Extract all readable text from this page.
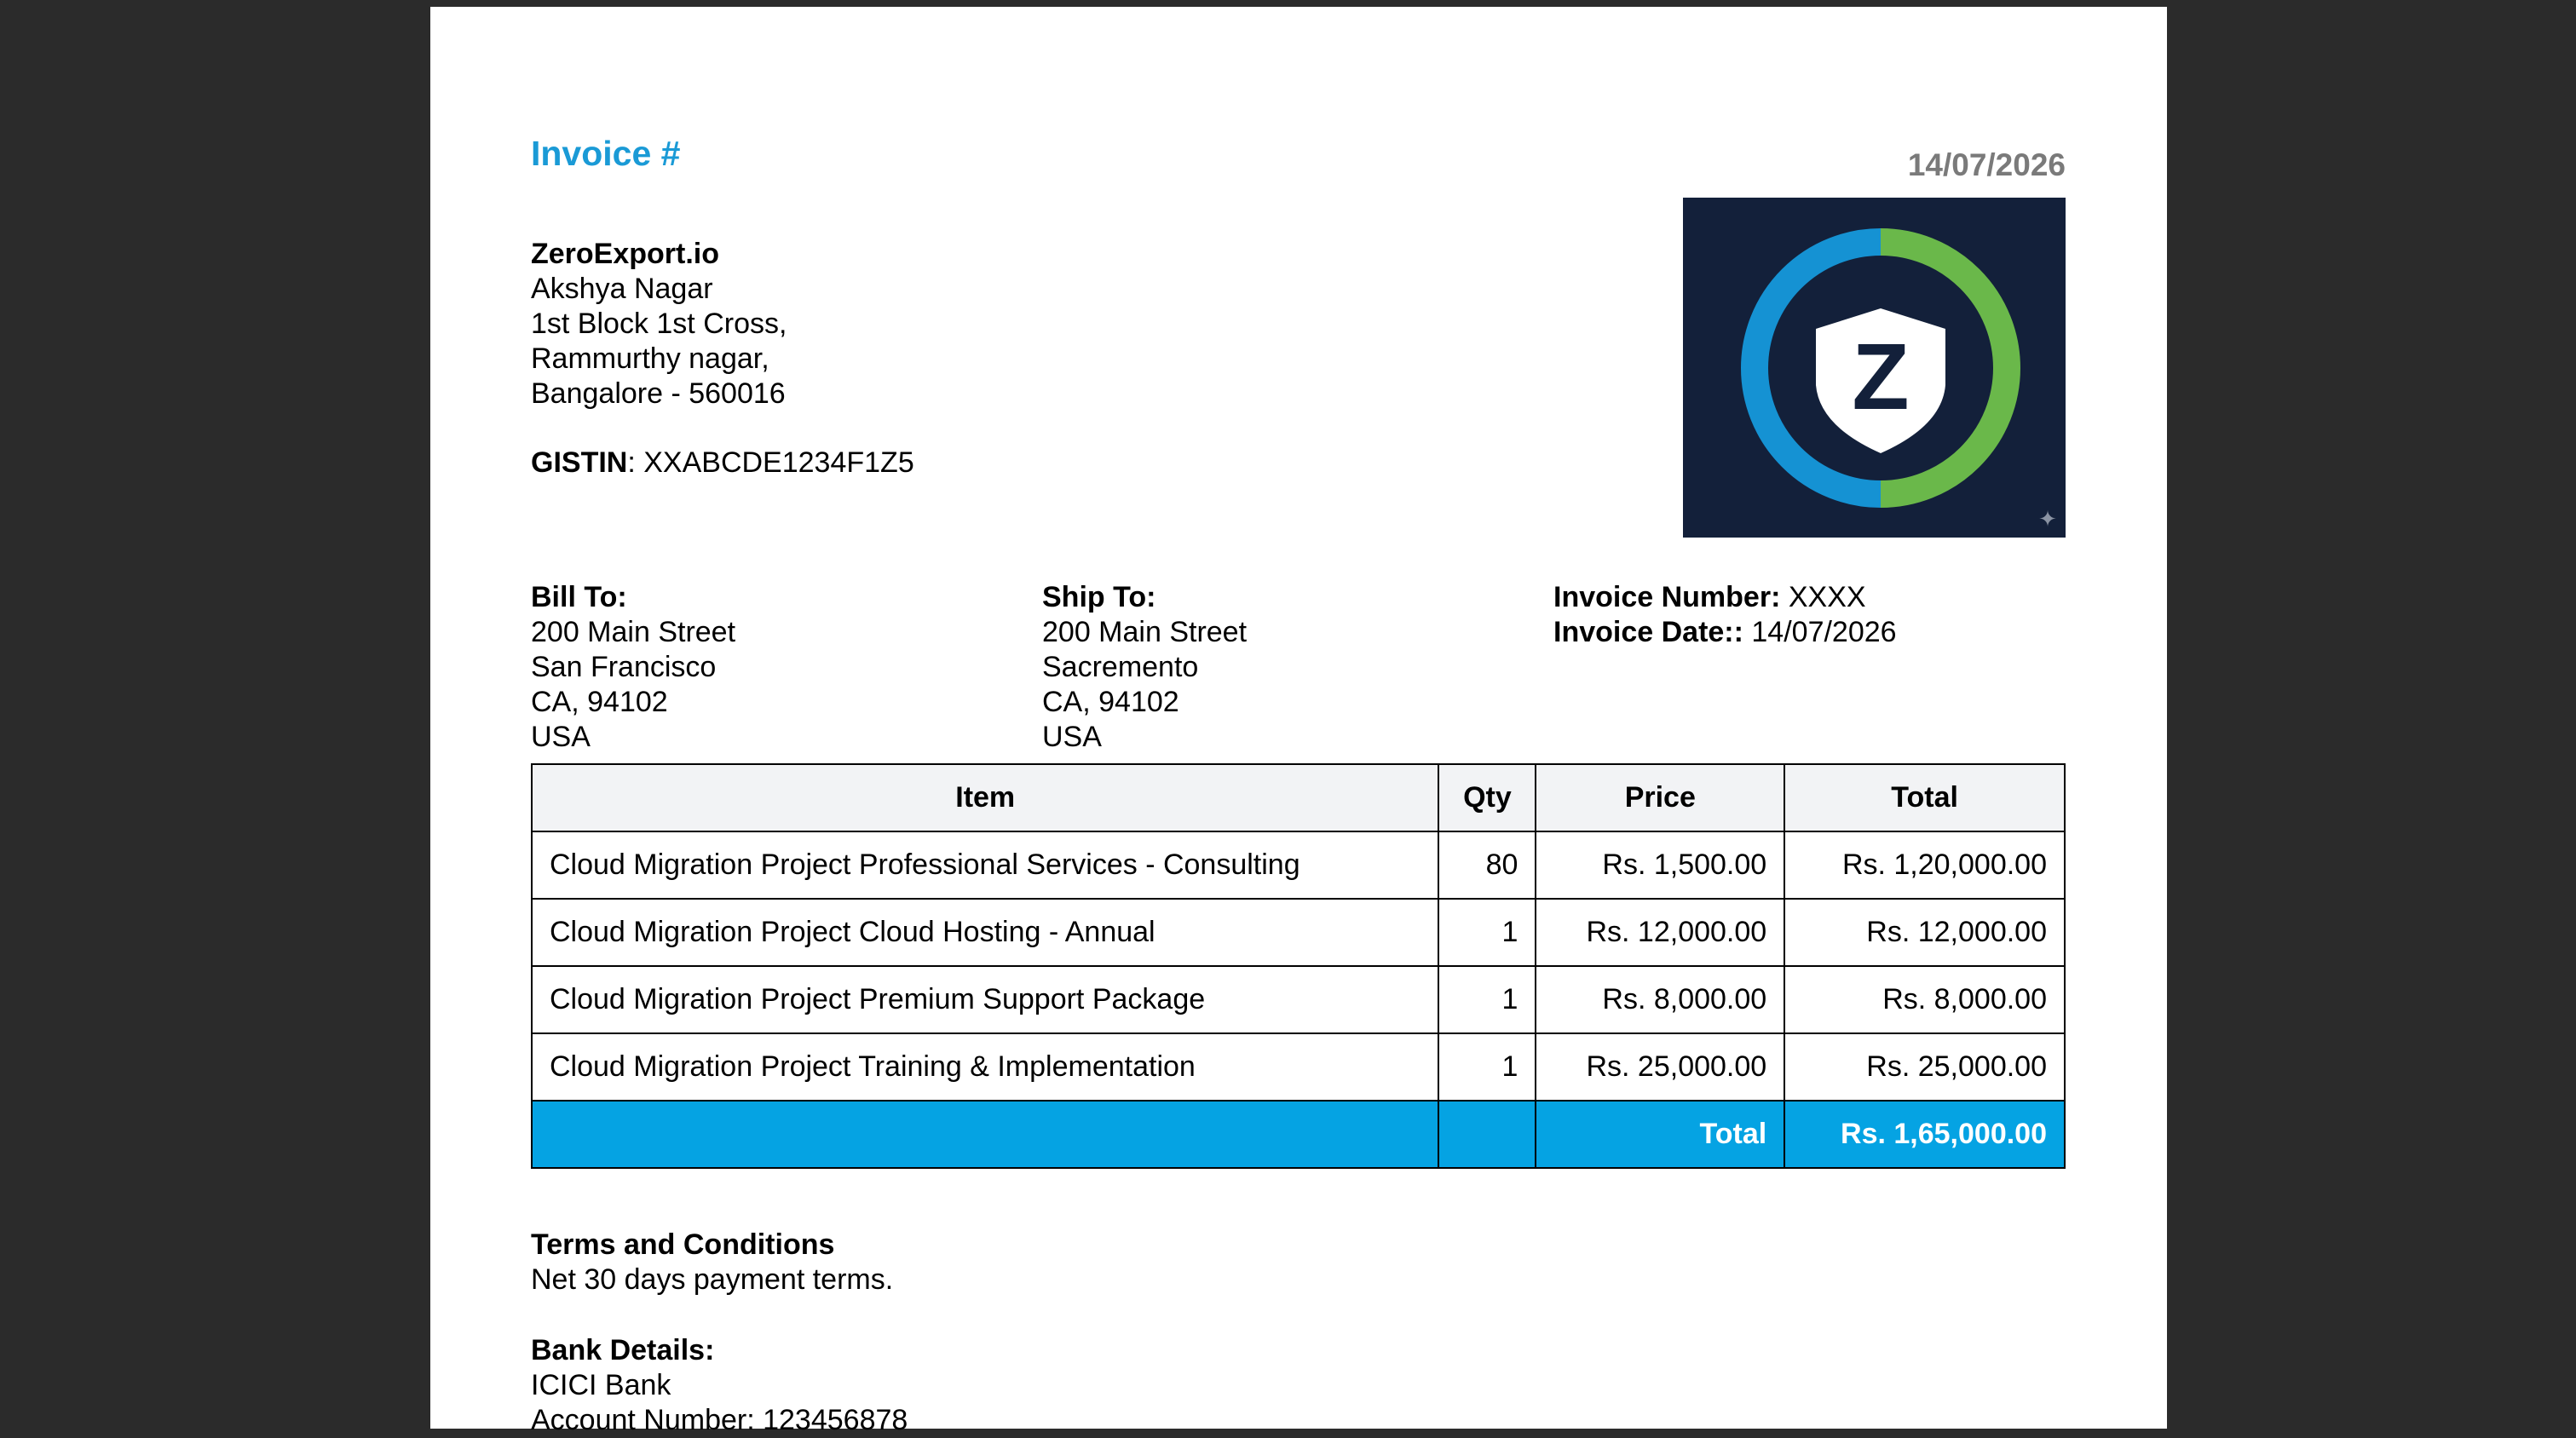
Invoice #	14/07/2026
ZeroExport.io
Akshya Nagar
1st Block 1st Cross,
Rammurthy nagar,
Bangalore - 560016
GISTIN: XXABCDE1234F1Z5
Z
✦
Bill To:
200 Main Street
San Francisco
CA, 94102
USA
Ship To:
200 Main Street
Sacremento
CA, 94102
USA
Invoice Number: XXXX
Invoice Date:: 14/07/2026
Item	Qty	Price	Total
Cloud Migration Project Professional Services - Consulting	80	Rs. 1,500.00	Rs. 1,20,000.00
Cloud Migration Project Cloud Hosting - Annual	1	Rs. 12,000.00	Rs. 12,000.00
Cloud Migration Project Premium Support Package	1	Rs. 8,000.00	Rs. 8,000.00
Cloud Migration Project Training & Implementation	1	Rs. 25,000.00	Rs. 25,000.00
		Total	Rs. 1,65,000.00
Terms and Conditions
Net 30 days payment terms.
Bank Details:
ICICI Bank
Account Number: 123456878
